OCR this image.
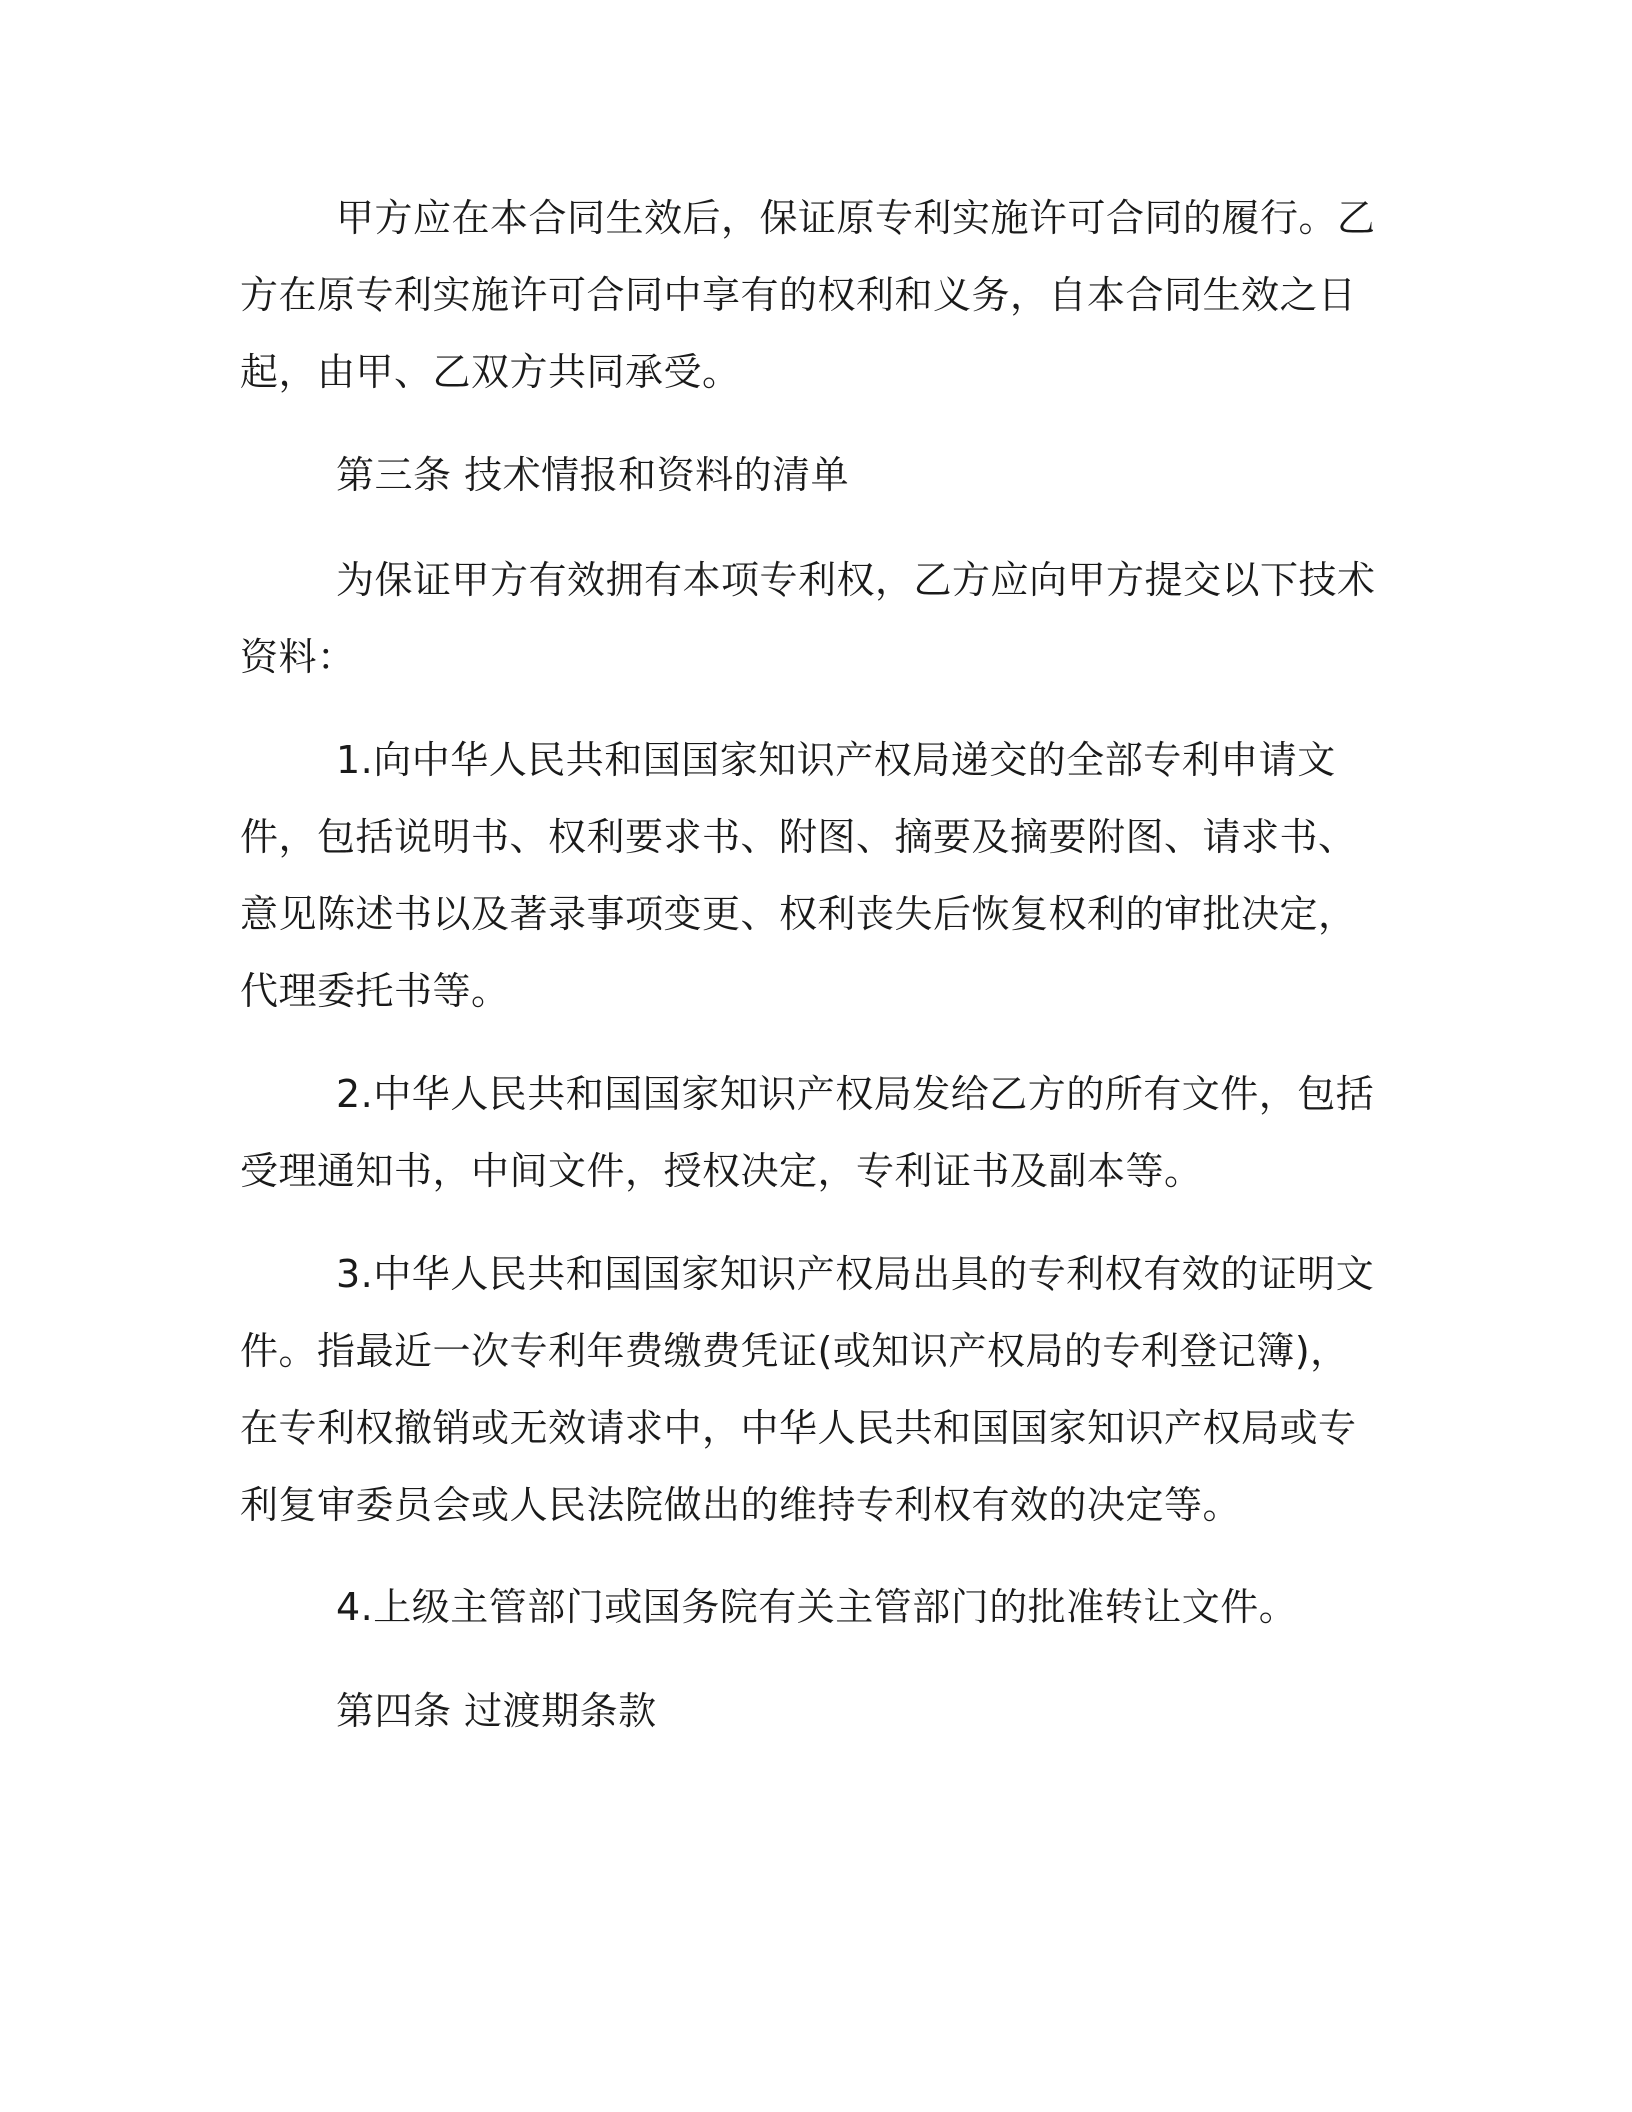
甲方应在本合同生效后，保证原专利实施许可合同的履行。乙方在原专利实施许可合同中享有的权利和义务，自本合同生效之日起，由甲、乙双方共同承受。

第三条 技术情报和资料的清单

为保证甲方有效拥有本项专利权，乙方应向甲方提交以下技术资料：

1.向中华人民共和国国家知识产权局递交的全部专利申请文件，包括说明书、权利要求书、附图、摘要及摘要附图、请求书、意见陈述书以及著录事项变更、权利丧失后恢复权利的审批决定，代理委托书等。

2.中华人民共和国国家知识产权局发给乙方的所有文件，包括受理通知书，中间文件，授权决定，专利证书及副本等。

3.中华人民共和国国家知识产权局出具的专利权有效的证明文件。指最近一次专利年费缴费凭证(或知识产权局的专利登记簿)，在专利权撤销或无效请求中，中华人民共和国国家知识产权局或专利复审委员会或人民法院做出的维持专利权有效的决定等。

4.上级主管部门或国务院有关主管部门的批准转让文件。

第四条 过渡期条款
